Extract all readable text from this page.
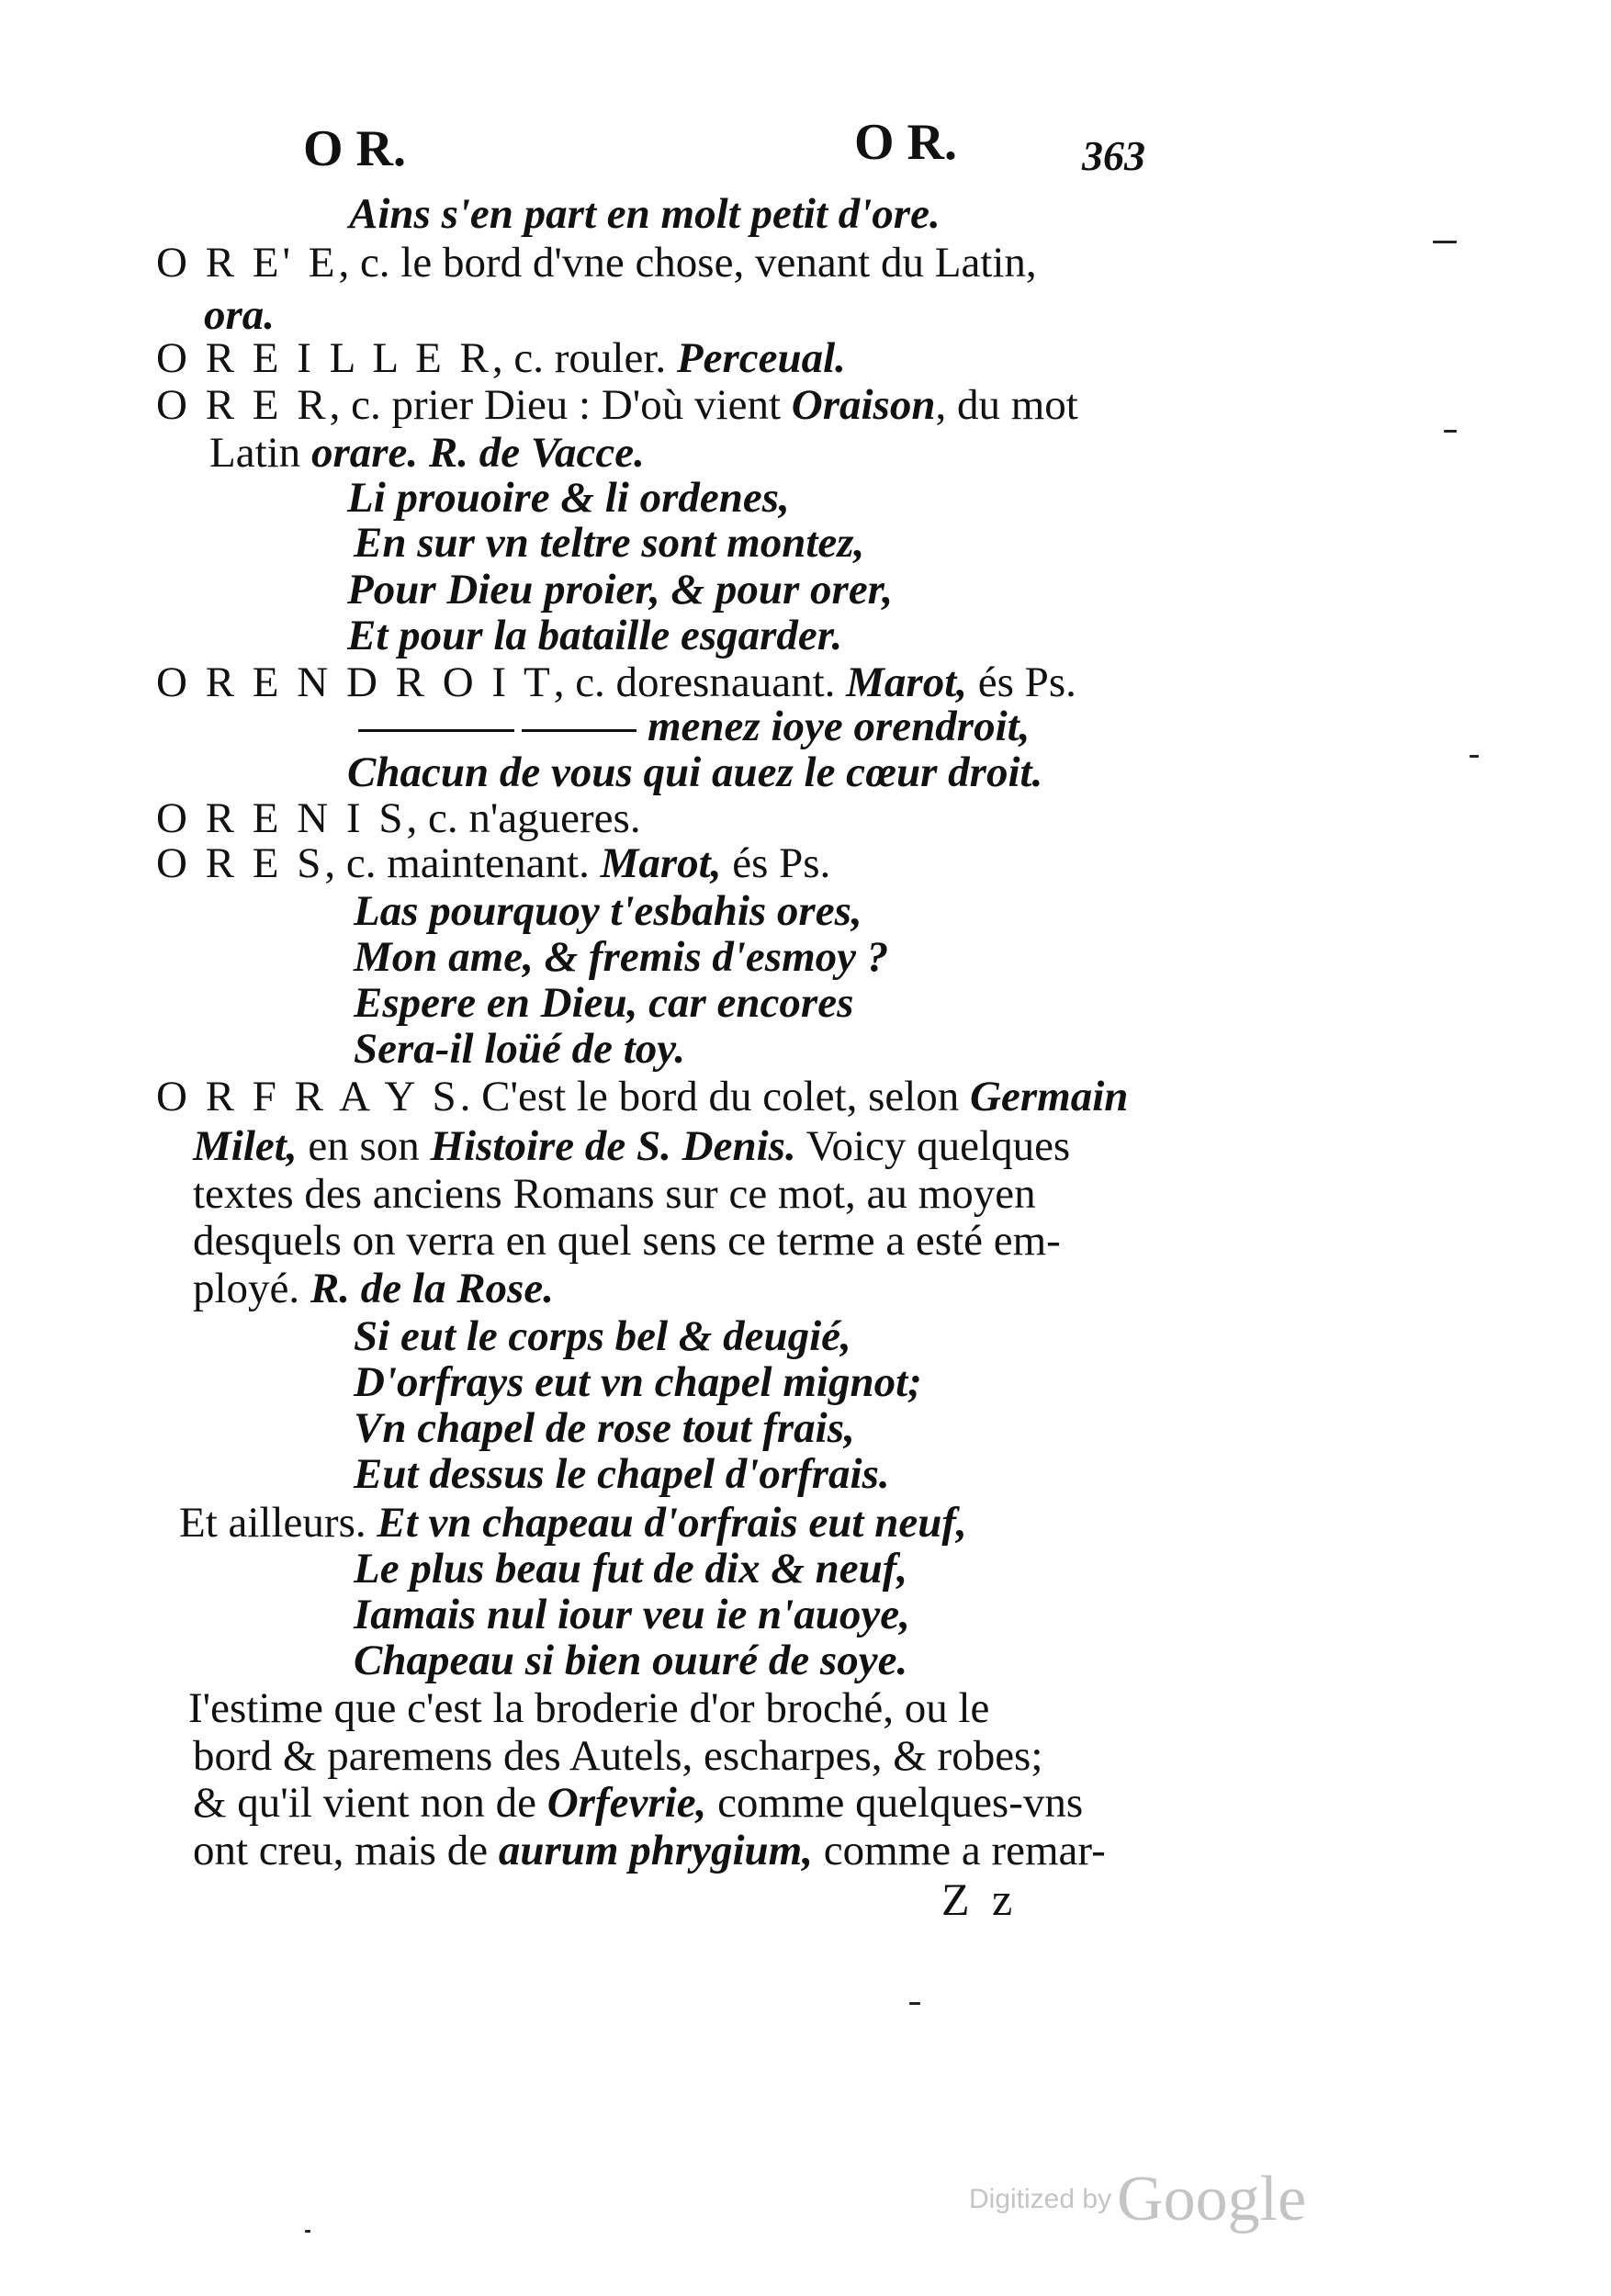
O R.	O R.	363
Ains s'en part en molt petit d'ore.
O R E' E, c. le bord d'vne chose, venant du Latin,
ora.
O R E I L L E R, c. rouler. Perceual.
O R E R, c. prier Dieu : D'où vient Oraison, du mot
Latin orare. R. de Vacce.
Li prouoire & li ordenes,
En sur vn teltre sont montez,
Pour Dieu proier, & pour orer,
Et pour la bataille esgarder.
O R E N D R O I T, c. doresnauant. Marot, és Ps.
menez ioye orendroit,
Chacun de vous qui auez le cœur droit.
O R E N I S, c. n'agueres.
O R E S, c. maintenant. Marot, és Ps.
Las pourquoy t'esbahis ores,
Mon ame, & fremis d'esmoy ?
Espere en Dieu, car encores
Sera-il loüé de toy.
O R F R A Y S. C'est le bord du colet, selon Germain
Milet, en son Histoire de S. Denis. Voicy quelques
textes des anciens Romans sur ce mot, au moyen
desquels on verra en quel sens ce terme a esté em-
ployé. R. de la Rose.
Si eut le corps bel & deugié,
D'orfrays eut vn chapel mignot;
Vn chapel de rose tout frais,
Eut dessus le chapel d'orfrais.
Et ailleurs. Et vn chapeau d'orfrais eut neuf,
Le plus beau fut de dix & neuf,
Iamais nul iour veu ie n'auoye,
Chapeau si bien ouuré de soye.
I'estime que c'est la broderie d'or broché, ou le
bord & paremens des Autels, escharpes, & robes;
& qu'il vient non de Orfevrie, comme quelques-vns
ont creu, mais de aurum phrygium, comme a remar-
Z z
Digitized byGoogle
